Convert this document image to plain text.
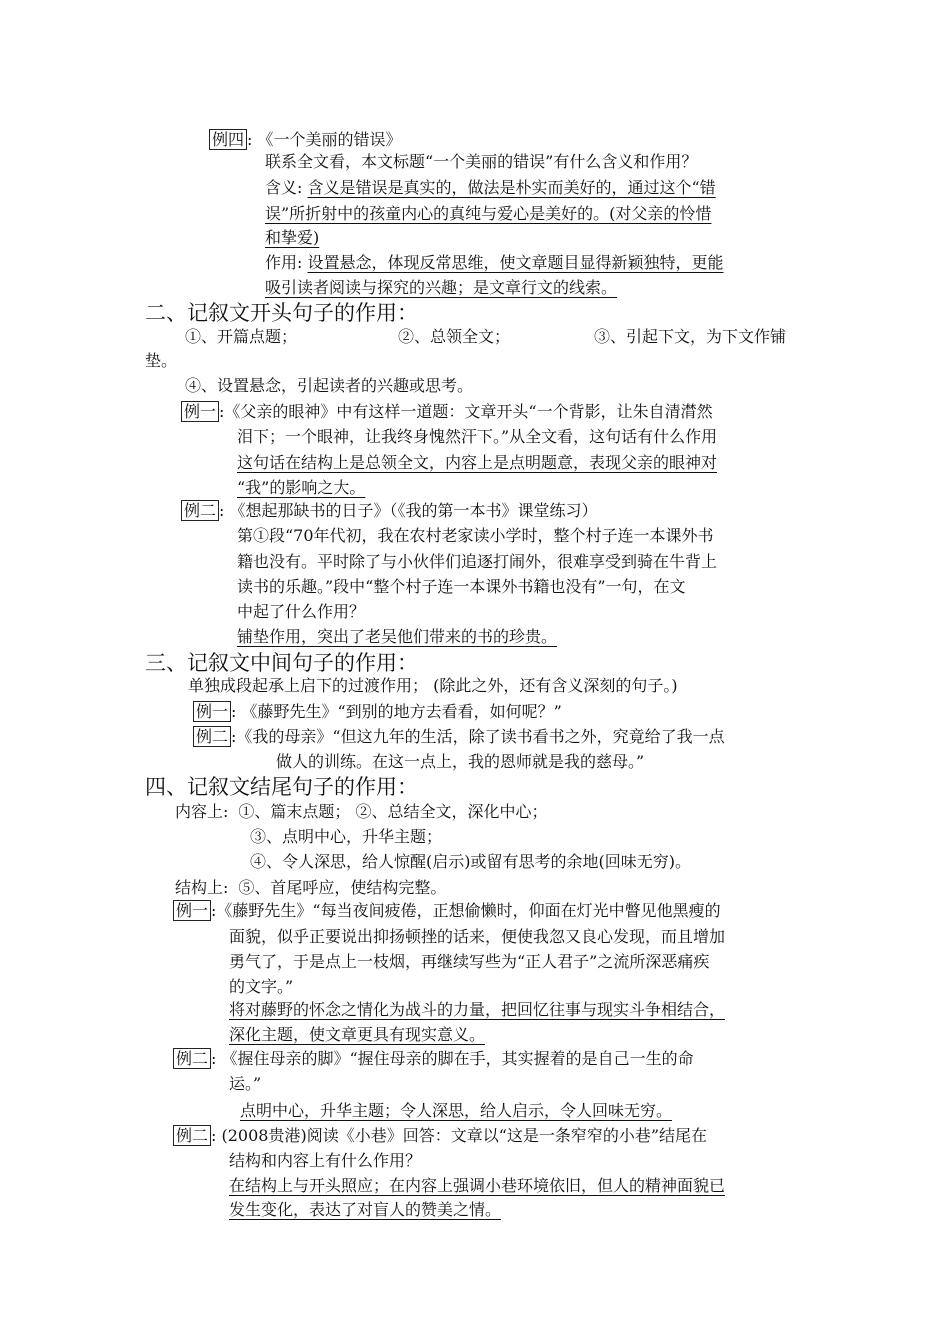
例四 : 《一个美丽的错误》
联系全文看，本文标题“一个美丽的错误”有什么含义和作用？
含义: 含义是错误是真实的，做法是朴实而美好的，通过这个“错
误”所折射中的孩童内心的真纯与爱心是美好的。(对父亲的怜惜
和挚爱)
作用: 设置悬念，体现反常思维，使文章题目显得新颖独特，更能
吸引读者阅读与探究的兴趣；是文章行文的线索。
二、记叙文开头句子的作用：
①、开篇点题；	②、总领全文；	③、引起下文，为下文作铺
垫。
④、设置悬念，引起读者的兴趣或思考。
例一 :《父亲的眼神》中有这样一道题：文章开头“一个背影，让朱自清潸然
泪下；一个眼神，让我终身愧然汗下。”从全文看，这句话有什么作用
这句话在结构上是总领全文，内容上是点明题意，表现父亲的眼神对
“我”的影响之大。
例二 : 《想起那缺书的日子》（《我的第一本书》课堂练习）
第①段“70年代初，我在农村老家读小学时，整个村子连一本课外书
籍也没有。平时除了与小伙伴们追逐打闹外，很难享受到骑在牛背上
读书的乐趣。”段中“整个村子连一本课外书籍也没有”一句，在文
中起了什么作用？
铺垫作用，突出了老吴他们带来的书的珍贵。
三、记叙文中间句子的作用：
单独成段起承上启下的过渡作用； (除此之外，还有含义深刻的句子。)
例一 : 《藤野先生》“到别的地方去看看，如何呢？”
例二 :《我的母亲》“但这九年的生活，除了读书看书之外，究竟给了我一点
做人的训练。在这一点上，我的恩师就是我的慈母。”
四、记叙文结尾句子的作用：
内容上: ①、篇末点题； ②、总结全文，深化中心；
③、点明中心，升华主题；
④、令人深思，给人惊醒(启示)或留有思考的余地(回味无穷)。
结构上: ⑤、首尾呼应，使结构完整。
例一 :《藤野先生》“每当夜间疲倦，正想偷懒时，仰面在灯光中瞥见他黑瘦的
面貌，似乎正要说出抑扬顿挫的话来，便使我忽又良心发现，而且增加
勇气了，于是点上一枝烟，再继续写些为“正人君子”之流所深恶痛疾
的文字。”
将对藤野的怀念之情化为战斗的力量，把回忆往事与现实斗争相结合，
深化主题，使文章更具有现实意义。
例二 : 《握住母亲的脚》“握住母亲的脚在手，其实握着的是自己一生的命
运。”
点明中心，升华主题；令人深思，给人启示，令人回味无穷。
例二 : (2008贵港)阅读《小巷》回答：文章以“这是一条窄窄的小巷”结尾在
结构和内容上有什么作用？
在结构上与开头照应；在内容上强调小巷环境依旧，但人的精神面貌已
发生变化，表达了对盲人的赞美之情。
